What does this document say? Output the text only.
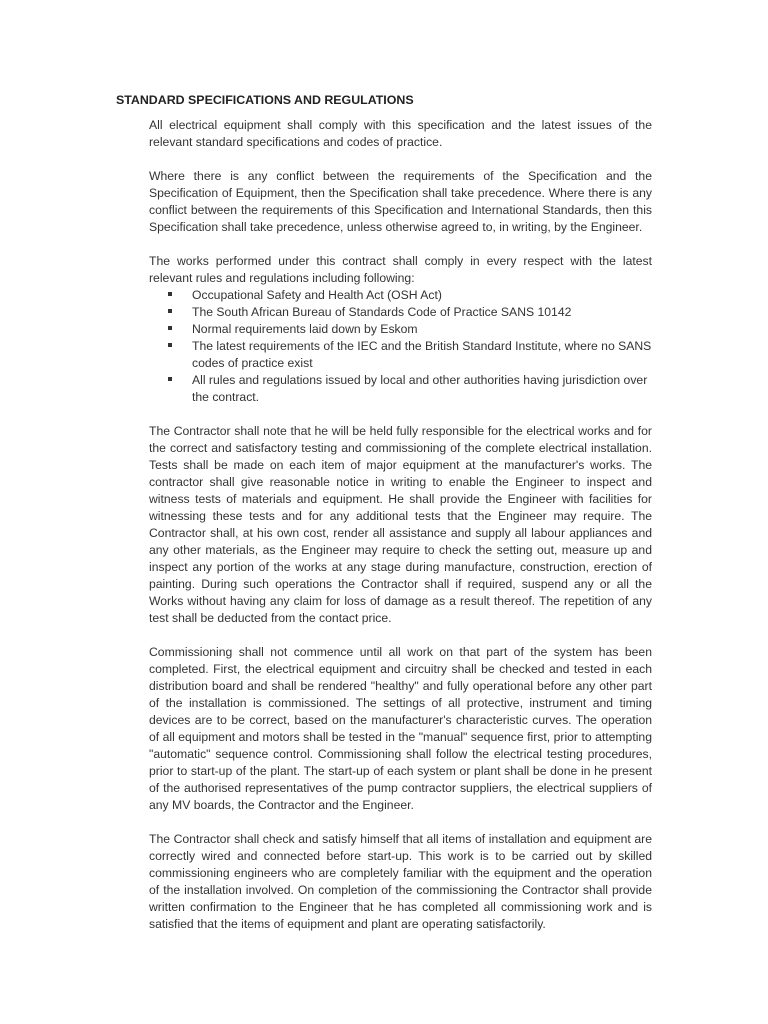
STANDARD SPECIFICATIONS AND REGULATIONS

All electrical equipment shall comply with this specification and the latest issues of the relevant standard specifications and codes of practice.

Where there is any conflict between the requirements of the Specification and the Specification of Equipment, then the Specification shall take precedence. Where there is any conflict between the requirements of this Specification and International Standards, then this Specification shall take precedence, unless otherwise agreed to, in writing, by the Engineer.

The works performed under this contract shall comply in every respect with the latest relevant rules and regulations including following:

Occupational Safety and Health Act (OSH Act)
The South African Bureau of Standards Code of Practice SANS 10142
Normal requirements laid down by Eskom
The latest requirements of the IEC and the British Standard Institute, where no SANS codes of practice exist
All rules and regulations issued by local and other authorities having jurisdiction over the contract.

The Contractor shall note that he will be held fully responsible for the electrical works and for the correct and satisfactory testing and commissioning of the complete electrical installation. Tests shall be made on each item of major equipment at the manufacturer's works. The contractor shall give reasonable notice in writing to enable the Engineer to inspect and witness tests of materials and equipment. He shall provide the Engineer with facilities for witnessing these tests and for any additional tests that the Engineer may require. The Contractor shall, at his own cost, render all assistance and supply all labour appliances and any other materials, as the Engineer may require to check the setting out, measure up and inspect any portion of the works at any stage during manufacture, construction, erection of painting. During such operations the Contractor shall if required, suspend any or all the Works without having any claim for loss of damage as a result thereof. The repetition of any test shall be deducted from the contact price.

Commissioning shall not commence until all work on that part of the system has been completed. First, the electrical equipment and circuitry shall be checked and tested in each distribution board and shall be rendered "healthy" and fully operational before any other part of the installation is commissioned. The settings of all protective, instrument and timing devices are to be correct, based on the manufacturer's characteristic curves. The operation of all equipment and motors shall be tested in the "manual" sequence first, prior to attempting "automatic" sequence control. Commissioning shall follow the electrical testing procedures, prior to start-up of the plant. The start-up of each system or plant shall be done in he present of the authorised representatives of the pump contractor suppliers, the electrical suppliers of any MV boards, the Contractor and the Engineer.

The Contractor shall check and satisfy himself that all items of installation and equipment are correctly wired and connected before start-up. This work is to be carried out by skilled commissioning engineers who are completely familiar with the equipment and the operation of the installation involved. On completion of the commissioning the Contractor shall provide written confirmation to the Engineer that he has completed all commissioning work and is satisfied that the items of equipment and plant are operating satisfactorily.
